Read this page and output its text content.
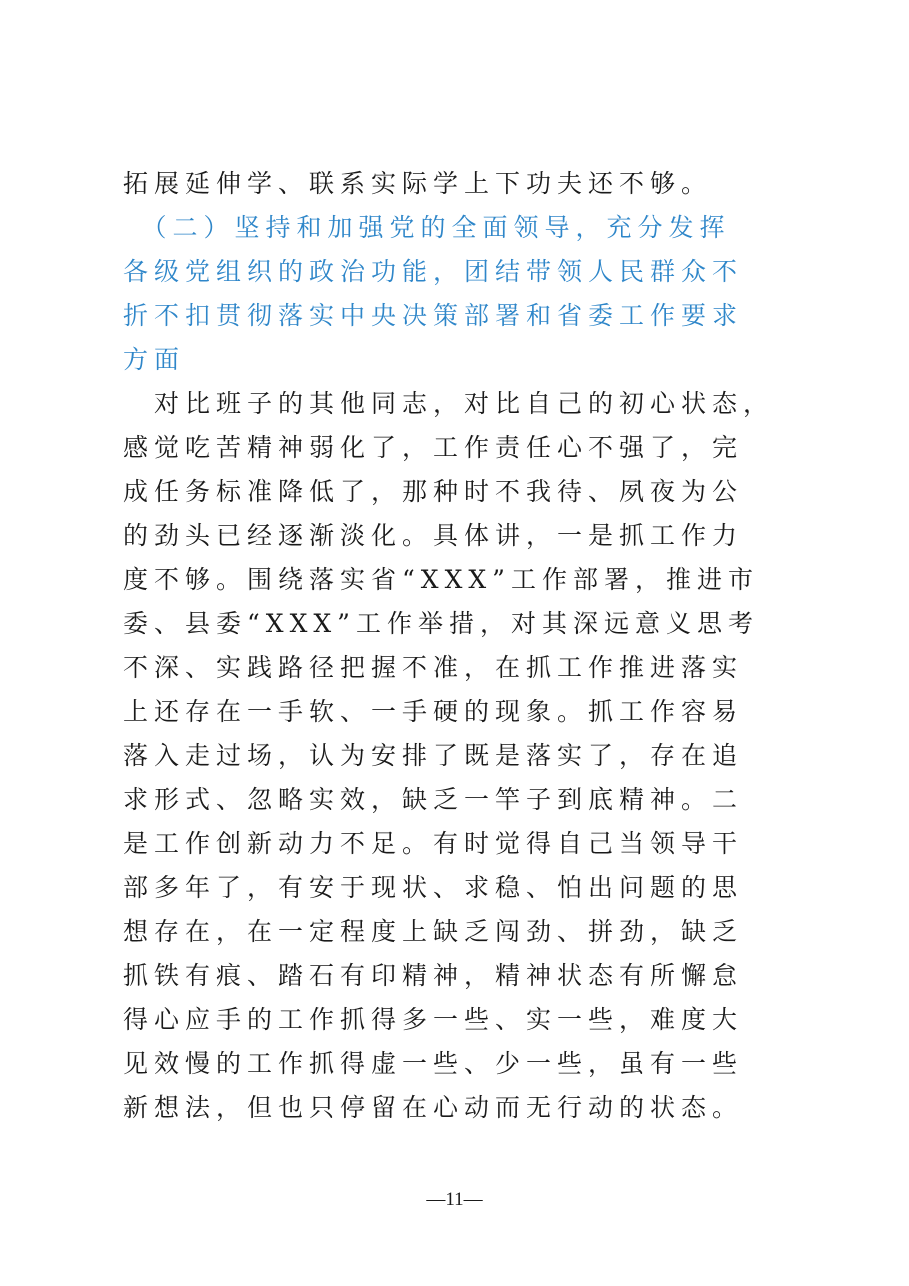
拓展延伸学、联系实际学上下功夫还不够。
　（二）坚持和加强党的全面领导，充分发挥
各级党组织的政治功能，团结带领人民群众不
折不扣贯彻落实中央决策部署和省委工作要求
方面
　对比班子的其他同志，对比自己的初心状态，
感觉吃苦精神弱化了，工作责任心不强了，完
成任务标准降低了，那种时不我待、夙夜为公
的劲头已经逐渐淡化。具体讲，一是抓工作力
度不够。围绕落实省“XXX”工作部署，推进市
委、县委“XXX”工作举措，对其深远意义思考
不深、实践路径把握不准，在抓工作推进落实
上还存在一手软、一手硬的现象。抓工作容易
落入走过场，认为安排了既是落实了，存在追
求形式、忽略实效，缺乏一竿子到底精神。二
是工作创新动力不足。有时觉得自己当领导干
部多年了，有安于现状、求稳、怕出问题的思
想存在，在一定程度上缺乏闯劲、拼劲，缺乏
抓铁有痕、踏石有印精神，精神状态有所懈怠
得心应手的工作抓得多一些、实一些，难度大
见效慢的工作抓得虚一些、少一些，虽有一些
新想法，但也只停留在心动而无行动的状态。
—11—
